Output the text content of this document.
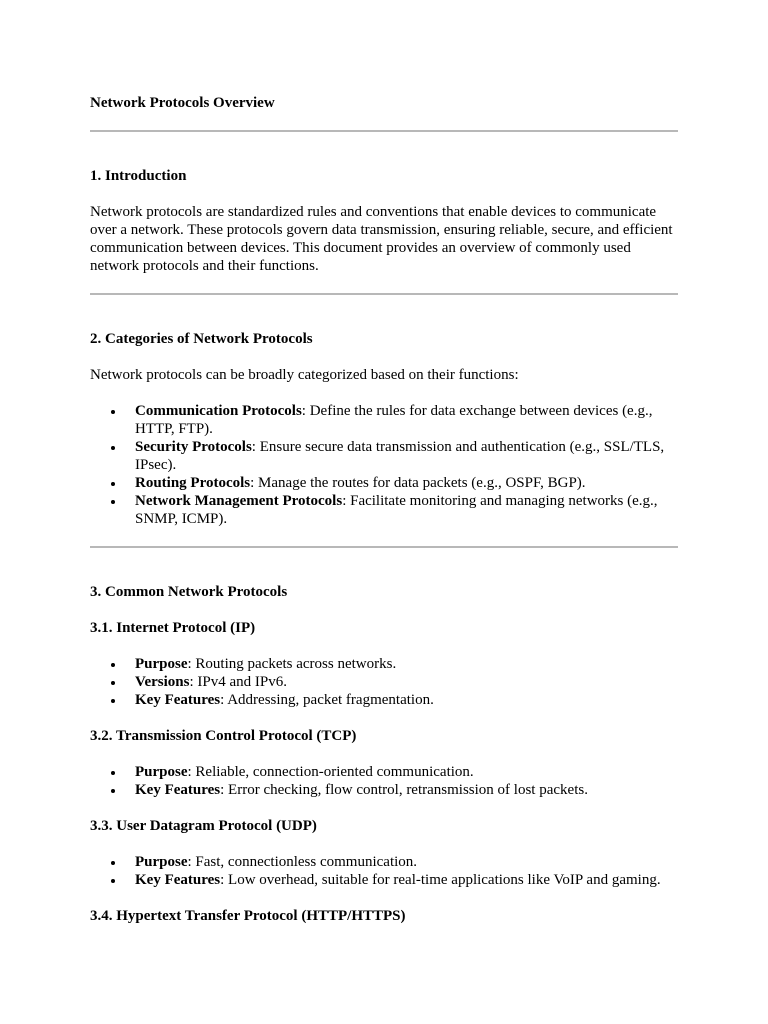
Network Protocols Overview

1. Introduction

Network protocols are standardized rules and conventions that enable devices to communicate over a network. These protocols govern data transmission, ensuring reliable, secure, and efficient communication between devices. This document provides an overview of commonly used network protocols and their functions.

2. Categories of Network Protocols

Network protocols can be broadly categorized based on their functions:

Communication Protocols: Define the rules for data exchange between devices (e.g., HTTP, FTP).
Security Protocols: Ensure secure data transmission and authentication (e.g., SSL/TLS, IPsec).
Routing Protocols: Manage the routes for data packets (e.g., OSPF, BGP).
Network Management Protocols: Facilitate monitoring and managing networks (e.g., SNMP, ICMP).
3. Common Network Protocols
3.1. Internet Protocol (IP)
Purpose: Routing packets across networks.
Versions: IPv4 and IPv6.
Key Features: Addressing, packet fragmentation.
3.2. Transmission Control Protocol (TCP)
Purpose: Reliable, connection-oriented communication.
Key Features: Error checking, flow control, retransmission of lost packets.
3.3. User Datagram Protocol (UDP)
Purpose: Fast, connectionless communication.
Key Features: Low overhead, suitable for real-time applications like VoIP and gaming.
3.4. Hypertext Transfer Protocol (HTTP/HTTPS)
